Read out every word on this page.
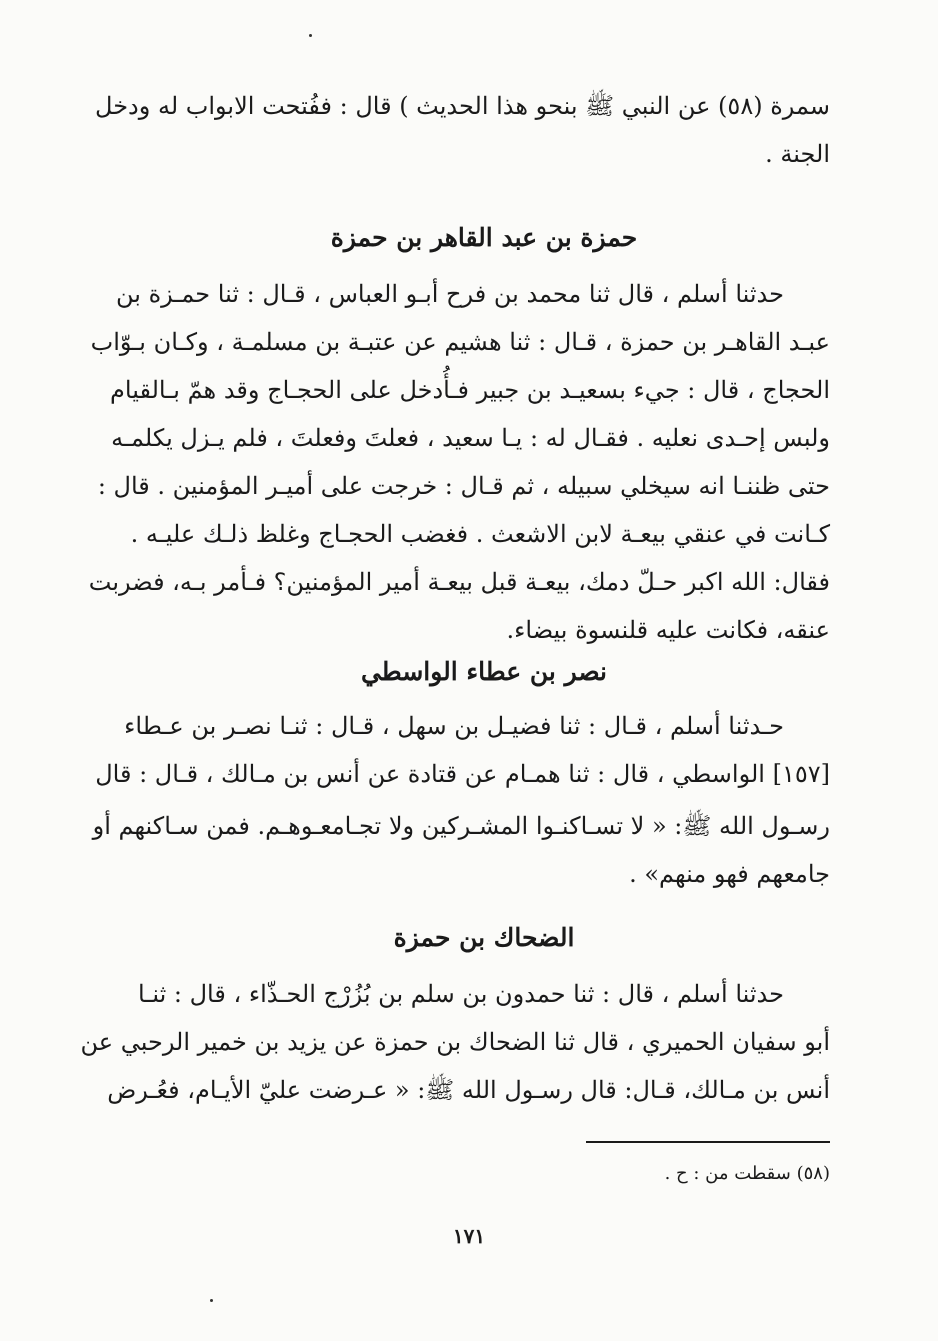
سمرة (٥٨) عن النبي ﷺ بنحو هذا الحديث ) قال : ففُتحت الابواب له ودخل
الجنة .
حمزة بن عبد القاهر بن حمزة
حدثنا أسلم ، قال ثنا محمد بن فرح أبـو العباس ، قـال : ثنا حمـزة بن
عبـد القاهـر بن حمزة ، قـال : ثنا هشيم عن عتبـة بن مسلمـة ، وكـان بـوّاب
الحجاج ، قال : جيء بسعيـد بن جبير فـأُدخل على الحجـاج وقد همّ بـالقيام
ولبس إحـدى نعليه . فقـال له : يـا سعيد ، فعلتَ وفعلتَ ، فلم يـزل يكلمـه
حتى ظننـا انه سيخلي سبيله ، ثم قـال : خرجت على أميـر المؤمنين . قال :
كـانت في عنقي بيعـة لابن الاشعث . فغضب الحجـاج وغلظ ذلـك عليـه .
فقال: الله اكبر حـلّ دمك، بيعـة قبل بيعـة أمير المؤمنين؟ فـأمر بـه، فضربت
عنقه، فكانت عليه قلنسوة بيضاء.
نصر بن عطاء الواسطي
حـدثنا أسلم ، قـال : ثنا فضيـل بن سهل ، قـال : ثنـا نصـر بن عـطاء
[١٥٧] الواسطي ، قال : ثنا همـام عن قتادة عن أنس بن مـالك ، قـال : قال
رسـول الله ﷺ: « لا تسـاكنـوا المشـركين ولا تجـامعـوهـم. فمن سـاكنهم أو
جامعهم فهو منهم» .
الضحاك بن حمزة
حدثنا أسلم ، قال : ثنا حمدون بن سلم بن بُزُرْج الحـذّاء ، قال : ثنـا
أبو سفيان الحميري ، قال ثنا الضحاك بن حمزة عن يزيد بن خمير الرحبي عن
أنس بن مـالك، قـال: قال رسـول الله ﷺ: « عـرضت عليّ الأيـام، فعُـرض
(٥٨) سقطت من : ح .
١٧١
